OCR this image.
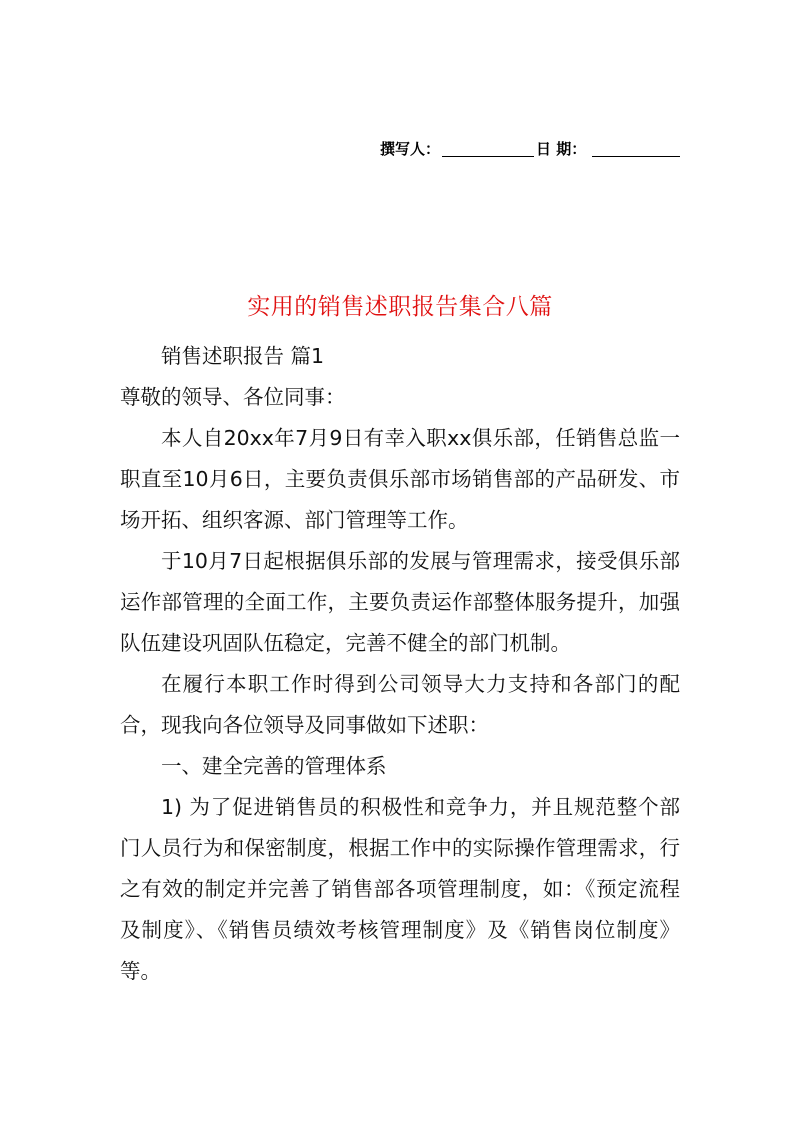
撰写人：	日 期：
实用的销售述职报告集合八篇

销售述职报告 篇1

尊敬的领导、各位同事：

本人自20xx年7月9日有幸入职xx俱乐部，任销售总监一职直至10月6日，主要负责俱乐部市场销售部的产品研发、市场开拓、组织客源、部门管理等工作。

于10月7日起根据俱乐部的发展与管理需求，接受俱乐部运作部管理的全面工作，主要负责运作部整体服务提升，加强队伍建设巩固队伍稳定，完善不健全的部门机制。

在履行本职工作时得到公司领导大力支持和各部门的配合，现我向各位领导及同事做如下述职：

一、建全完善的管理体系

1) 为了促进销售员的积极性和竞争力，并且规范整个部门人员行为和保密制度，根据工作中的实际操作管理需求，行之有效的制定并完善了销售部各项管理制度，如：《预定流程及制度》、《销售员绩效考核管理制度》及《销售岗位制度》等。
